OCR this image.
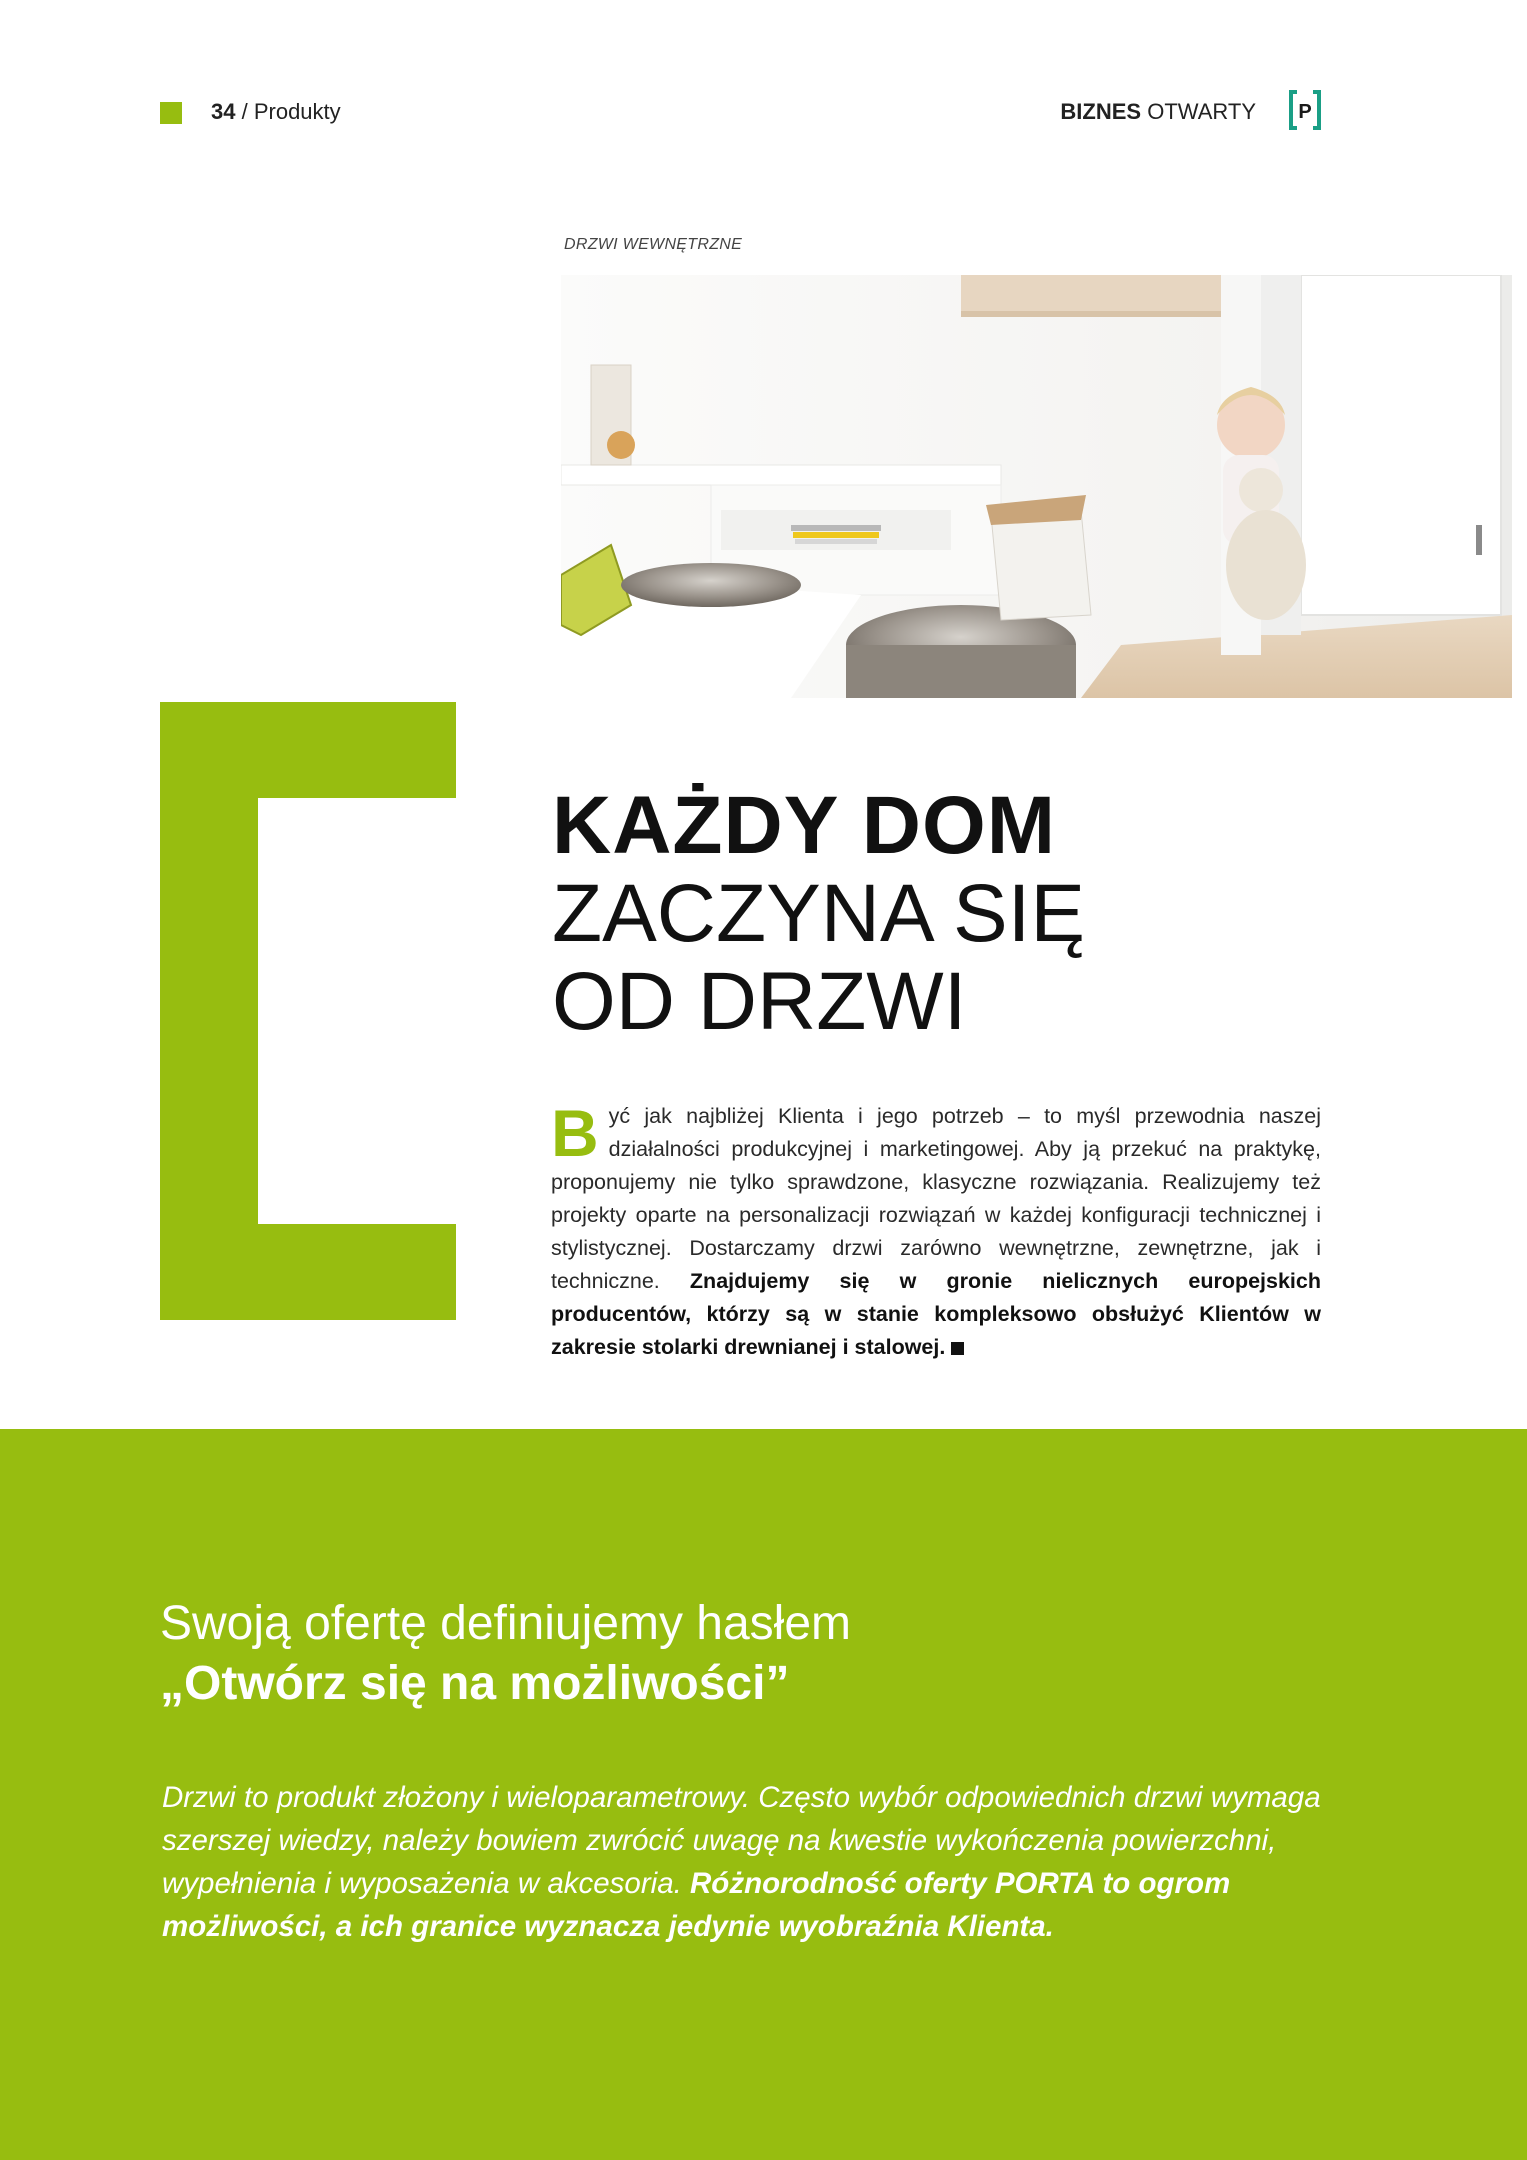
34 / Produkty	BIZNES OTWARTY P
DRZWI WEWNĘTRZNE
KAŻDY DOM
ZACZYNA SIĘ
OD DRZWI
Być jak najbliżej Klienta i jego potrzeb – to myśl przewodnia naszej działalności produkcyjnej i marketingowej. Aby ją przekuć na praktykę, proponujemy nie tylko sprawdzone, klasyczne rozwiązania. Realizujemy też projekty oparte na personalizacji rozwiązań w każdej konfiguracji technicznej i stylistycznej. Dostarczamy drzwi zarówno wewnętrzne, zewnętrzne, jak i techniczne. Znajdujemy się w gronie nielicznych europejskich producentów, którzy są w stanie kompleksowo obsłużyć Klientów w zakresie stolarki drewnianej i stalowej.
Swoją ofertę definiujemy hasłem
„Otwórz się na możliwości”
Drzwi to produkt złożony i wieloparametrowy. Często wybór odpowiednich drzwi wymaga szerszej wiedzy, należy bowiem zwrócić uwagę na kwestie wykończenia powierzchni, wypełnienia i wyposażenia w akcesoria. Różnorodność oferty PORTA to ogrom możliwości, a ich granice wyznacza jedynie wyobraźnia Klienta.
